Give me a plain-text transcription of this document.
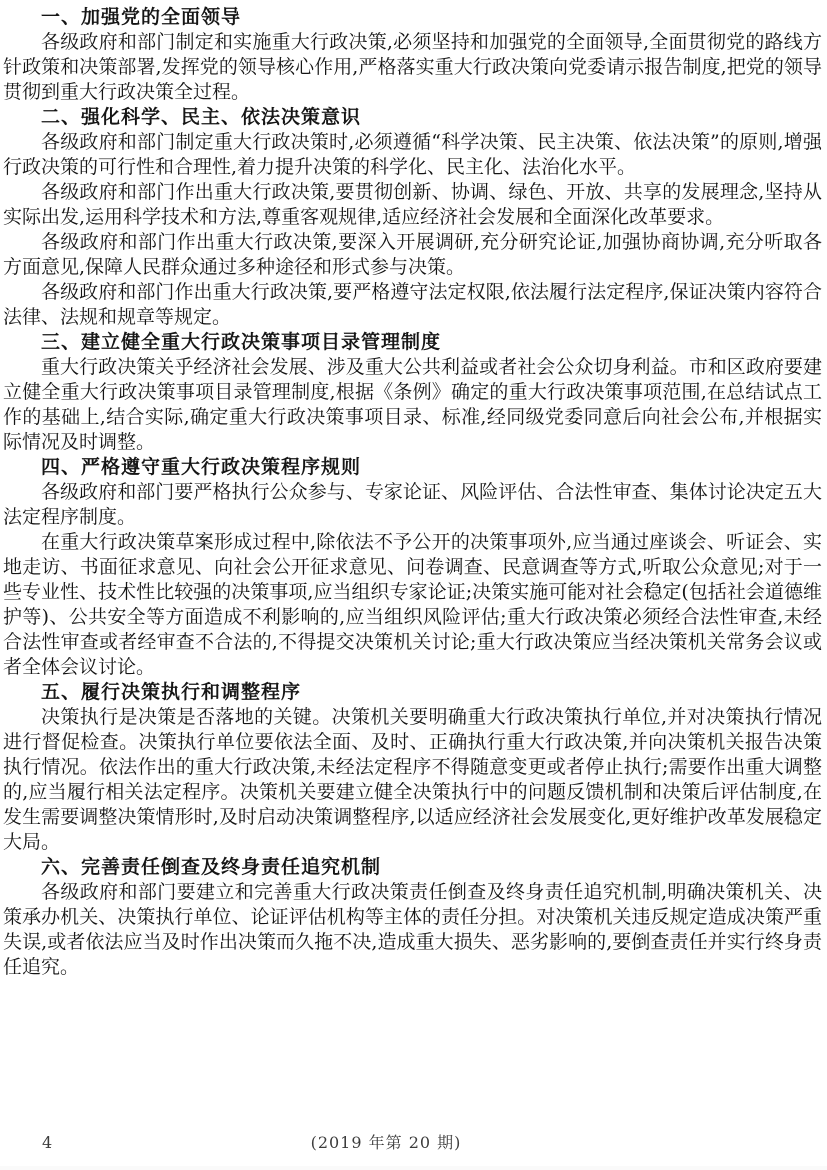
一、加强党的全面领导

各级政府和部门制定和实施重大行政决策,必须坚持和加强党的全面领导,全面贯彻党的路线方针政策和决策部署,发挥党的领导核心作用,严格落实重大行政决策向党委请示报告制度,把党的领导贯彻到重大行政决策全过程。

二、强化科学、民主、依法决策意识

各级政府和部门制定重大行政决策时,必须遵循“科学决策、民主决策、依法决策”的原则,增强行政决策的可行性和合理性,着力提升决策的科学化、民主化、法治化水平。

各级政府和部门作出重大行政决策,要贯彻创新、协调、绿色、开放、共享的发展理念,坚持从实际出发,运用科学技术和方法,尊重客观规律,适应经济社会发展和全面深化改革要求。

各级政府和部门作出重大行政决策,要深入开展调研,充分研究论证,加强协商协调,充分听取各方面意见,保障人民群众通过多种途径和形式参与决策。

各级政府和部门作出重大行政决策,要严格遵守法定权限,依法履行法定程序,保证决策内容符合法律、法规和规章等规定。

三、建立健全重大行政决策事项目录管理制度

重大行政决策关乎经济社会发展、涉及重大公共利益或者社会公众切身利益。市和区政府要建立健全重大行政决策事项目录管理制度,根据《条例》确定的重大行政决策事项范围,在总结试点工作的基础上,结合实际,确定重大行政决策事项目录、标准,经同级党委同意后向社会公布,并根据实际情况及时调整。

四、严格遵守重大行政决策程序规则

各级政府和部门要严格执行公众参与、专家论证、风险评估、合法性审查、集体讨论决定五大法定程序制度。

在重大行政决策草案形成过程中,除依法不予公开的决策事项外,应当通过座谈会、听证会、实地走访、书面征求意见、向社会公开征求意见、问卷调查、民意调查等方式,听取公众意见;对于一些专业性、技术性比较强的决策事项,应当组织专家论证;决策实施可能对社会稳定(包括社会道德维护等)、公共安全等方面造成不利影响的,应当组织风险评估;重大行政决策必须经合法性审查,未经合法性审查或者经审查不合法的,不得提交决策机关讨论;重大行政决策应当经决策机关常务会议或者全体会议讨论。

五、履行决策执行和调整程序

决策执行是决策是否落地的关键。决策机关要明确重大行政决策执行单位,并对决策执行情况进行督促检查。决策执行单位要依法全面、及时、正确执行重大行政决策,并向决策机关报告决策执行情况。依法作出的重大行政决策,未经法定程序不得随意变更或者停止执行;需要作出重大调整的,应当履行相关法定程序。决策机关要建立健全决策执行中的问题反馈机制和决策后评估制度,在发生需要调整决策情形时,及时启动决策调整程序,以适应经济社会发展变化,更好维护改革发展稳定大局。

六、完善责任倒查及终身责任追究机制

各级政府和部门要建立和完善重大行政决策责任倒查及终身责任追究机制,明确决策机关、决策承办机关、决策执行单位、论证评估机构等主体的责任分担。对决策机关违反规定造成决策严重失误,或者依法应当及时作出决策而久拖不决,造成重大损失、恶劣影响的,要倒查责任并实行终身责任追究。

4	(2019 年第 20 期)
